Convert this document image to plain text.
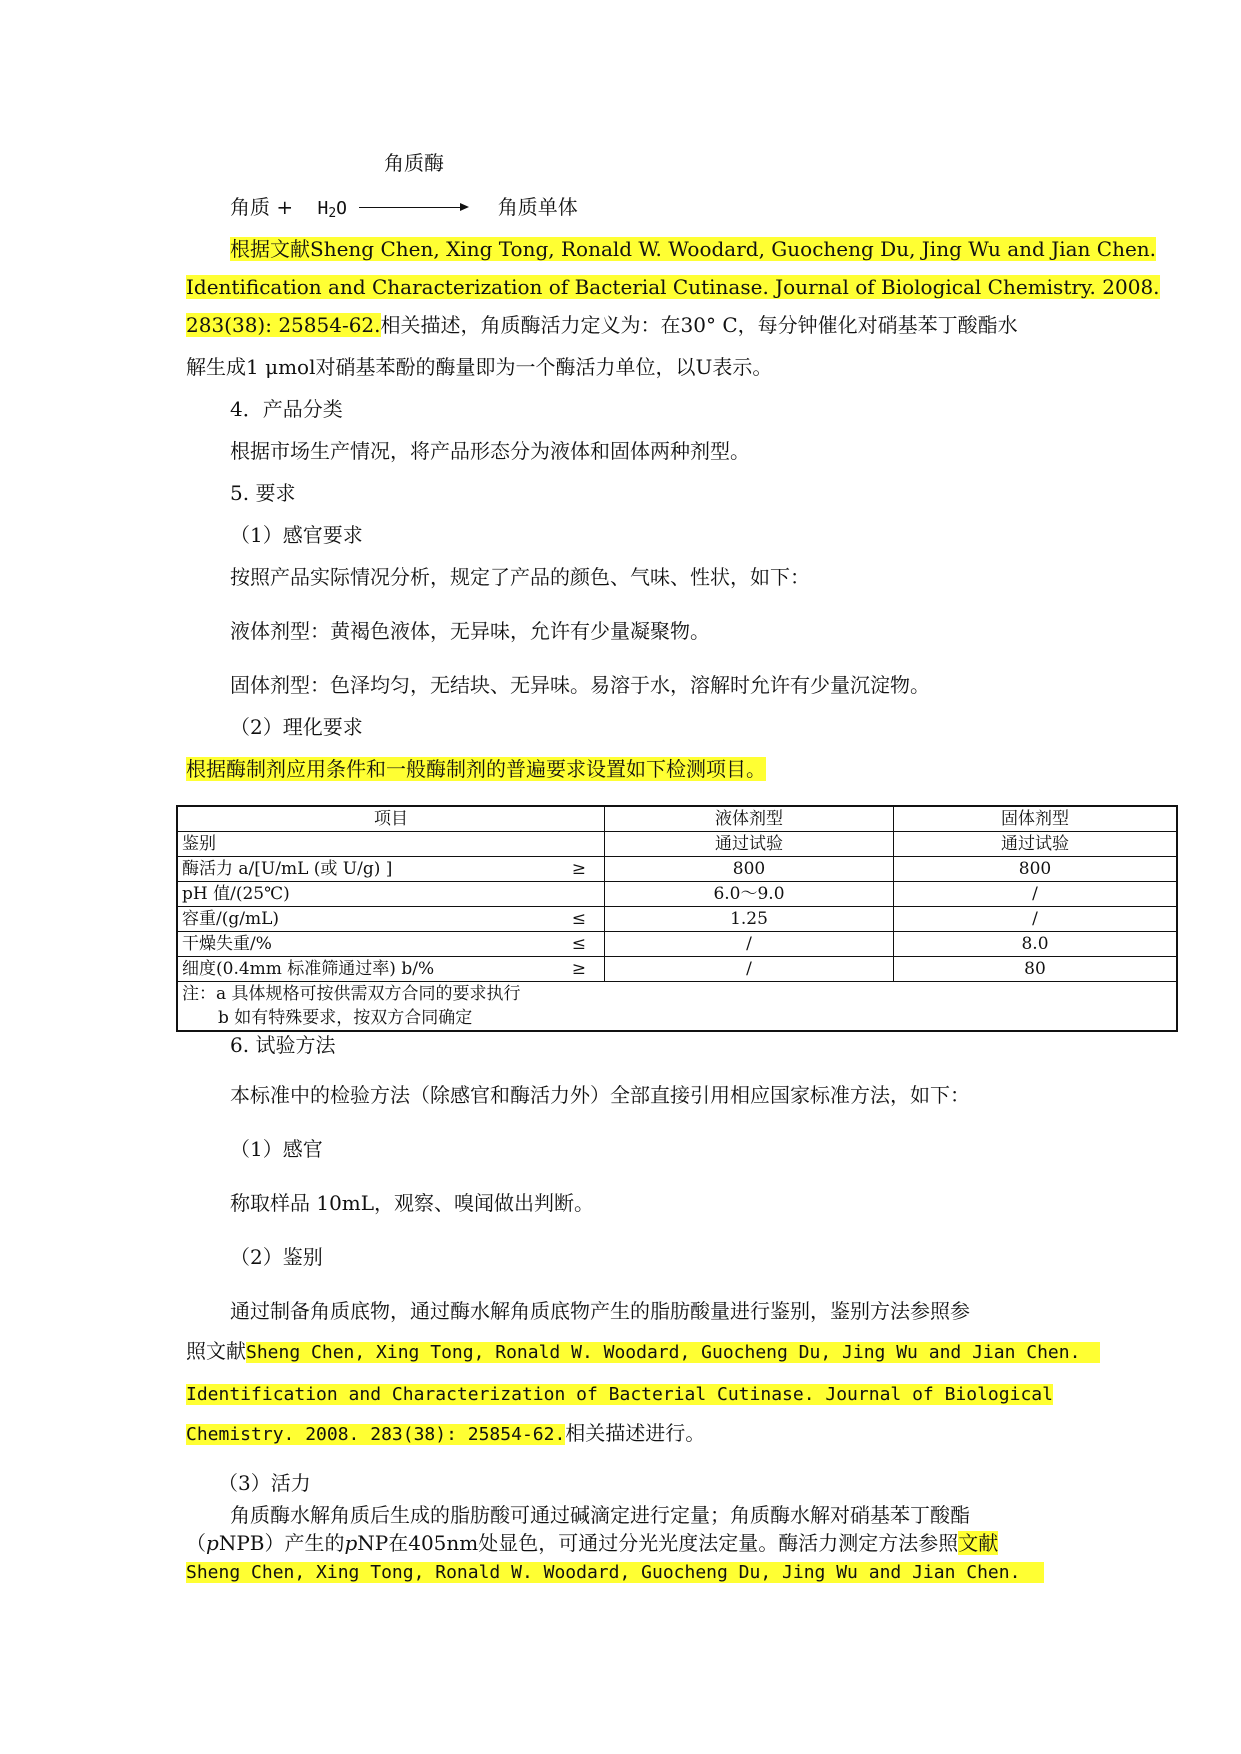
角质酶
角质 + $H_2O$	角质单体
根据文献Sheng Chen, Xing Tong, Ronald W. Woodard, Guocheng Du, Jing Wu and Jian Chen.
Identification and Characterization of Bacterial Cutinase. Journal of Biological Chemistry. 2008.
283(38): 25854-62.相关描述，角质酶活力定义为：在30° C，每分钟催化对硝基苯丁酸酯水
解生成1 μmol对硝基苯酚的酶量即为一个酶活力单位，以U表示。
4．产品分类
根据市场生产情况，将产品形态分为液体和固体两种剂型。
5. 要求
（1）感官要求
按照产品实际情况分析，规定了产品的颜色、气味、性状，如下：
液体剂型：黄褐色液体，无异味，允许有少量凝聚物。
固体剂型：色泽均匀，无结块、无异味。易溶于水，溶解时允许有少量沉淀物。
（2）理化要求
根据酶制剂应用条件和一般酶制剂的普遍要求设置如下检测项目。
项目	液体剂型	固体剂型
鉴别	通过试验	通过试验
酶活力 a/[U/mL (或 U/g) ] ≥	800	800
pH 值/(25℃)	6.0～9.0	/
容重/(g/mL) ≤	1.25	/
干燥失重/% ≤	/	8.0
细度(0.4mm 标准筛通过率) b/% ≥	/	80

注：a 具体规格可按供需双方合同的要求执行
b 如有特殊要求，按双方合同确定		
6. 试验方法
本标准中的检验方法（除感官和酶活力外）全部直接引用相应国家标准方法，如下：
（1）感官
称取样品 10mL，观察、嗅闻做出判断。
（2）鉴别
通过制备角质底物，通过酶水解角质底物产生的脂肪酸量进行鉴别，鉴别方法参照参
照文献Sheng Chen, Xing Tong, Ronald W. Woodard, Guocheng Du, Jing Wu and Jian Chen.
Identification and Characterization of Bacterial Cutinase. Journal of Biological
Chemistry. 2008. 283(38): 25854-62.相关描述进行。
（3）活力
角质酶水解角质后生成的脂肪酸可通过碱滴定进行定量；角质酶水解对硝基苯丁酸酯
（pNPB）产生的pNP在405nm处显色，可通过分光光度法定量。酶活力测定方法参照文献
Sheng Chen, Xing Tong, Ronald W. Woodard, Guocheng Du, Jing Wu and Jian Chen.
